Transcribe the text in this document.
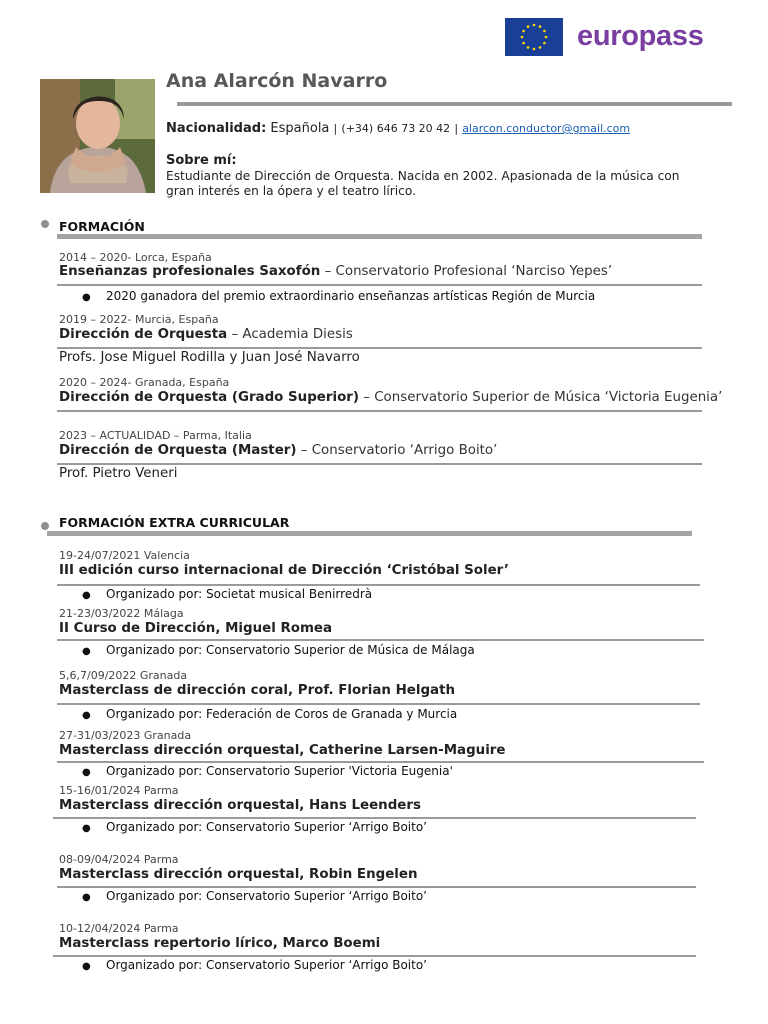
europass
Ana Alarcón Navarro
Nacionalidad: Española | (+34) 646 73 20 42 | alarcon.conductor@gmail.com
Sobre mí:
Estudiante de Dirección de Orquesta. Nacida en 2002. Apasionada de la música con gran interés en la ópera y el teatro lírico.
FORMACIÓN
2014 – 2020- Lorca, España
Enseñanzas profesionales Saxofón – Conservatorio Profesional ‘Narciso Yepes’
● 2020 ganadora del premio extraordinario enseñanzas artísticas Región de Murcia
2019 – 2022- Murcia, España
Dirección de Orquesta – Academia Diesis
Profs. Jose Miguel Rodilla y Juan José Navarro
2020 – 2024- Granada, España
Dirección de Orquesta (Grado Superior) – Conservatorio Superior de Música ‘Victoria Eugenia’
2023 – ACTUALIDAD – Parma, Italia
Dirección de Orquesta (Master) – Conservatorio ‘Arrigo Boito’
Prof. Pietro Veneri
FORMACIÓN EXTRA CURRICULAR
19-24/07/2021 Valencia
III edición curso internacional de Dirección ‘Cristóbal Soler’
● Organizado por: Societat musical Benirredrà
21-23/03/2022 Málaga
II Curso de Dirección, Miguel Romea
● Organizado por: Conservatorio Superior de Música de Málaga
5,6,7/09/2022 Granada
Masterclass de dirección coral, Prof. Florian Helgath
● Organizado por: Federación de Coros de Granada y Murcia
27-31/03/2023 Granada
Masterclass dirección orquestal, Catherine Larsen-Maguire
● Organizado por: Conservatorio Superior 'Victoria Eugenia'
15-16/01/2024 Parma
Masterclass dirección orquestal, Hans Leenders
● Organizado por: Conservatorio Superior ‘Arrigo Boito’
08-09/04/2024 Parma
Masterclass dirección orquestal, Robin Engelen
● Organizado por: Conservatorio Superior ‘Arrigo Boito’
10-12/04/2024 Parma
Masterclass repertorio lírico, Marco Boemi
● Organizado por: Conservatorio Superior ‘Arrigo Boito’
